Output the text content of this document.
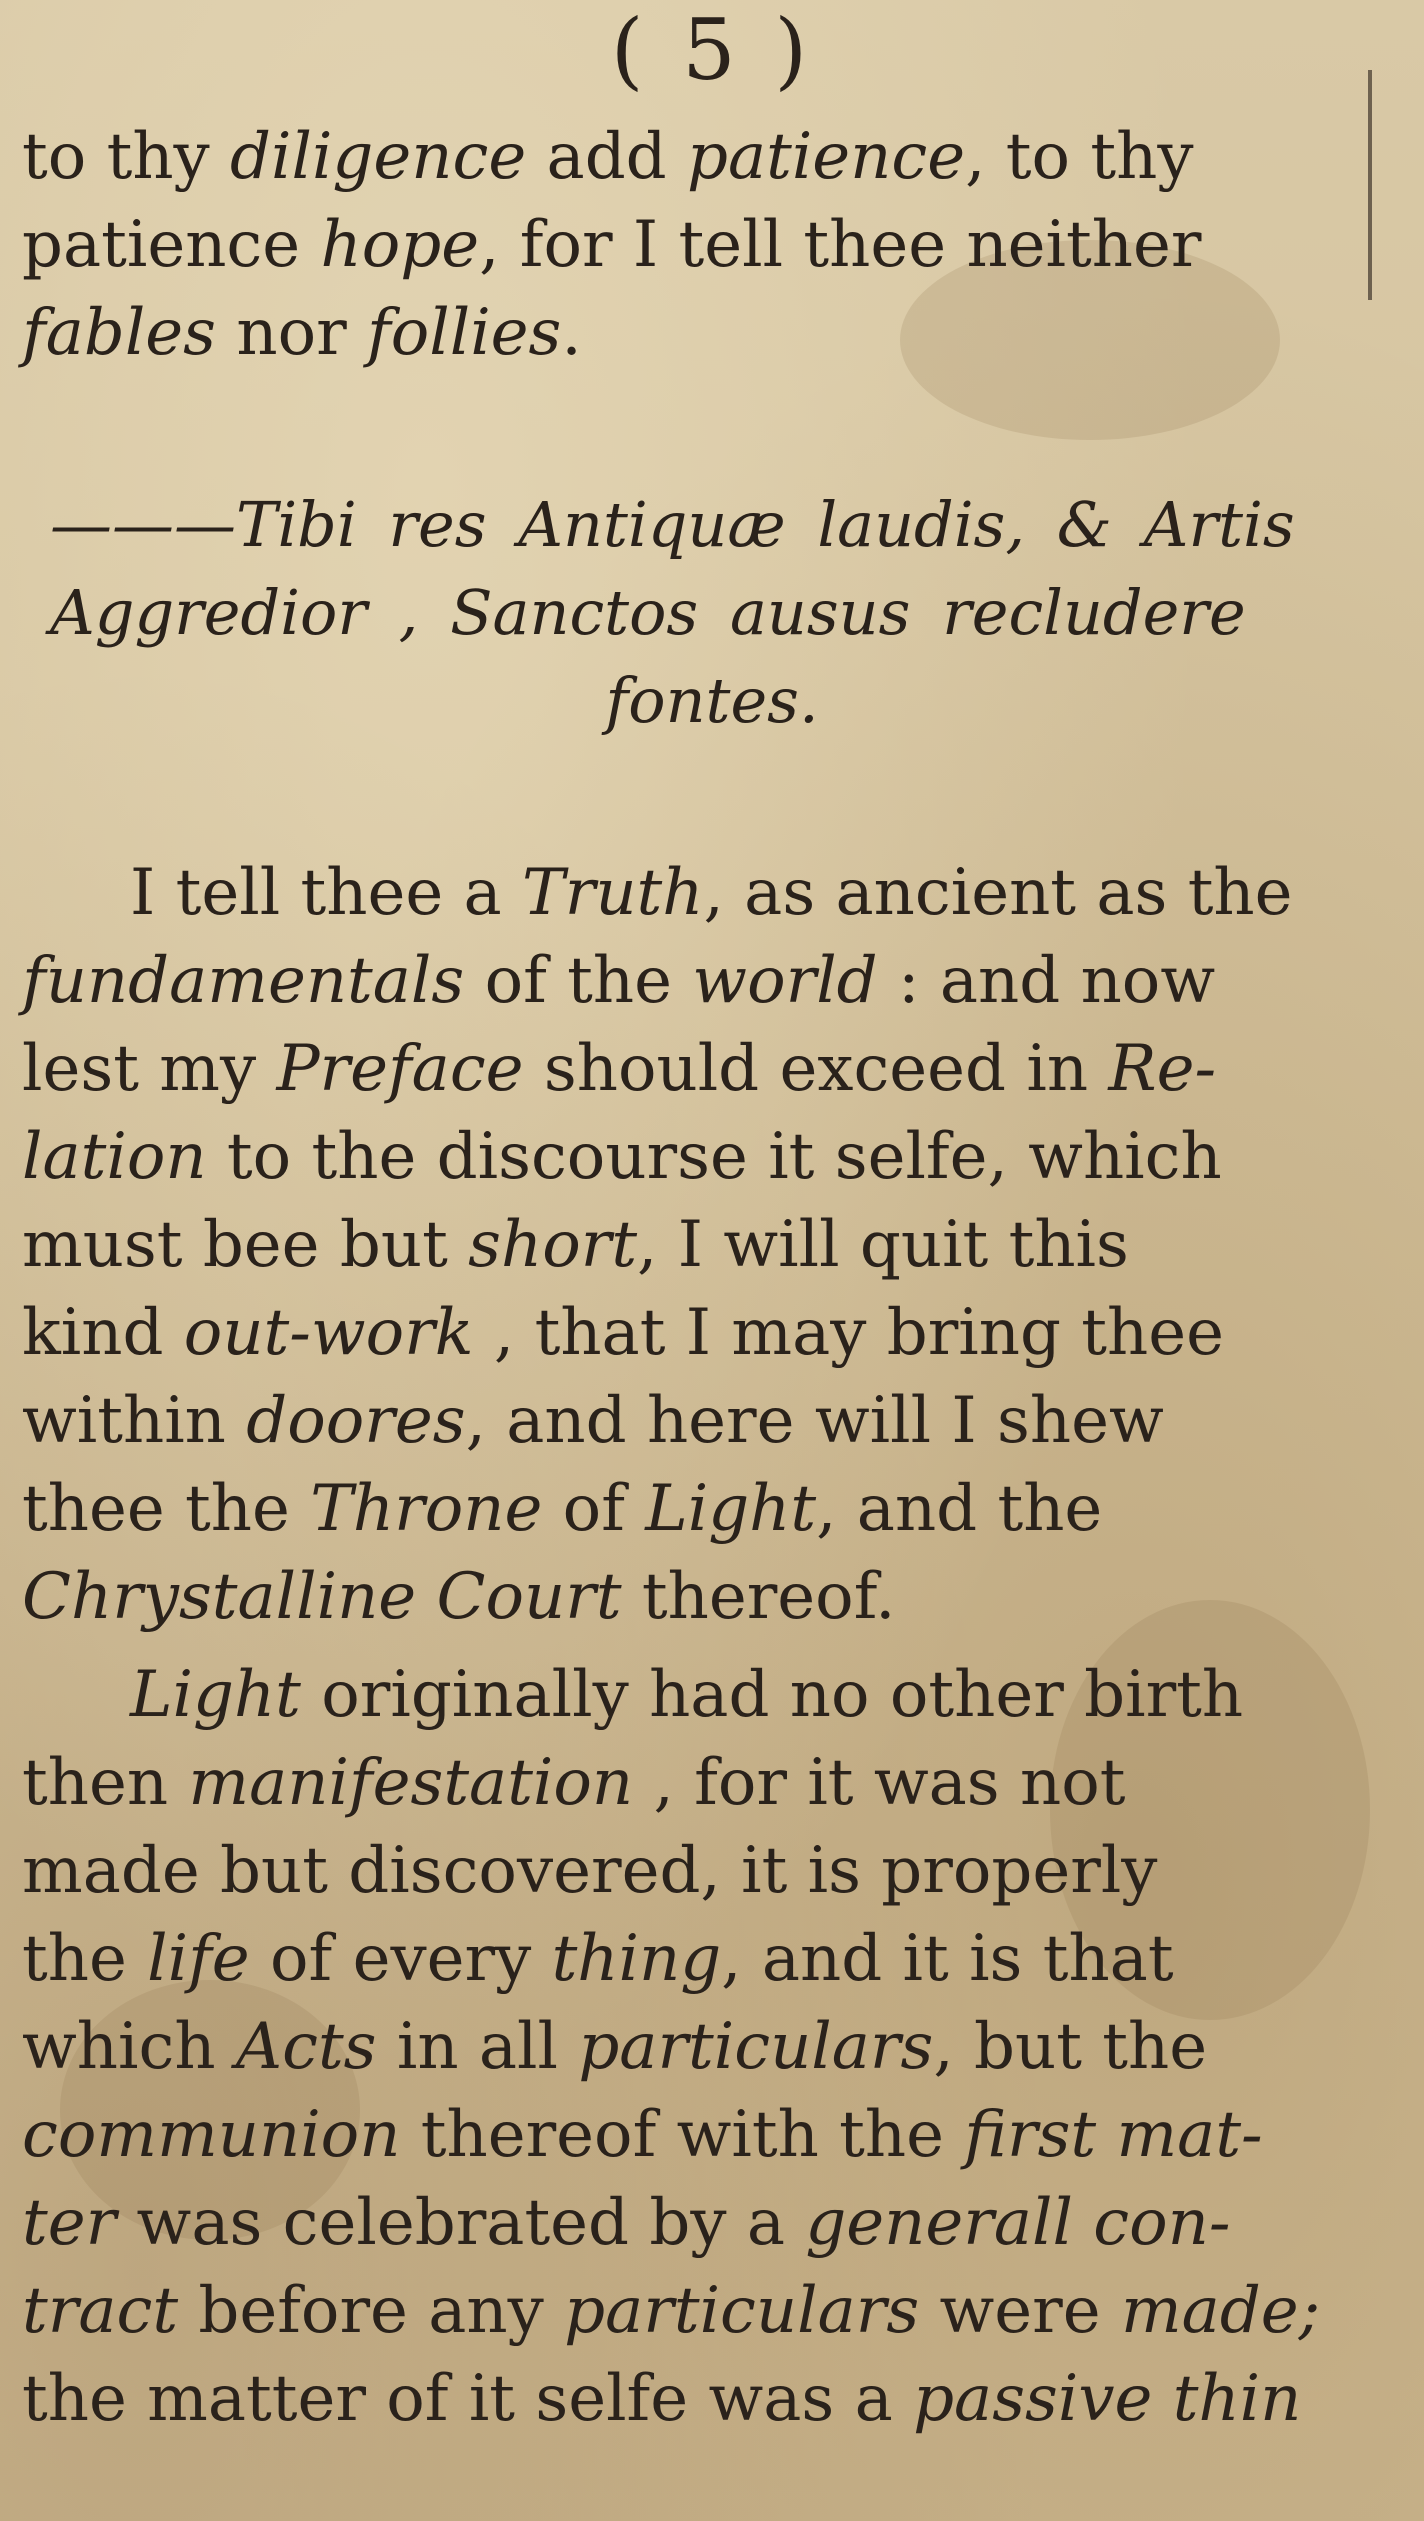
( 5 )
to thy diligence add patience, to thy
patience hope, for I tell thee neither
fables nor follies.
———Tibi res Antiquæ laudis, & Artis
Aggredior , Sanctos ausus recludere
fontes.
I tell thee a Truth, as ancient as the
fundamentals of the world : and now
lest my Preface should exceed in Re-
lation to the discourse it selfe, which
must bee but short, I will quit this
kind out-work , that I may bring thee
within doores, and here will I shew
thee the Throne of Light, and the
Chrystalline Court thereof.
Light originally had no other birth
then manifestation , for it was not
made but discovered, it is properly
the life of every thing, and it is that
which Acts in all particulars, but the
communion thereof with the first mat-
ter was celebrated by a generall con-
tract before any particulars were made;
the matter of it selfe was a passive thin
